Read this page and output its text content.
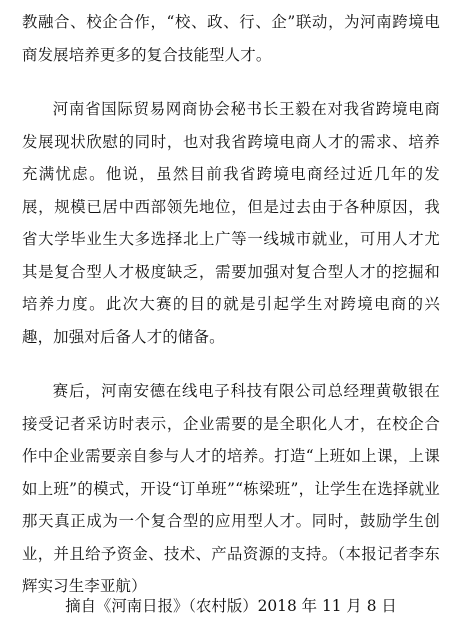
教融合、校企合作，“校、政、行、企”联动，为河南跨境电商发展培养更多的复合技能型人才。

河南省国际贸易网商协会秘书长王毅在对我省跨境电商发展现状欣慰的同时，也对我省跨境电商人才的需求、培养充满忧虑。他说，虽然目前我省跨境电商经过近几年的发展，规模已居中西部领先地位，但是过去由于各种原因，我省大学毕业生大多选择北上广等一线城市就业，可用人才尤其是复合型人才极度缺乏，需要加强对复合型人才的挖掘和培养力度。此次大赛的目的就是引起学生对跨境电商的兴趣，加强对后备人才的储备。

赛后，河南安德在线电子科技有限公司总经理黄敬银在接受记者采访时表示，企业需要的是全职化人才，在校企合作中企业需要亲自参与人才的培养。打造“上班如上课，上课如上班”的模式，开设“订单班”“栋梁班”，让学生在选择就业那天真正成为一个复合型的应用型人才。同时，鼓励学生创业，并且给予资金、技术、产品资源的支持。（本报记者李东辉实习生李亚航）

摘自《河南日报》（农村版）2018 年 11 月 8 日
